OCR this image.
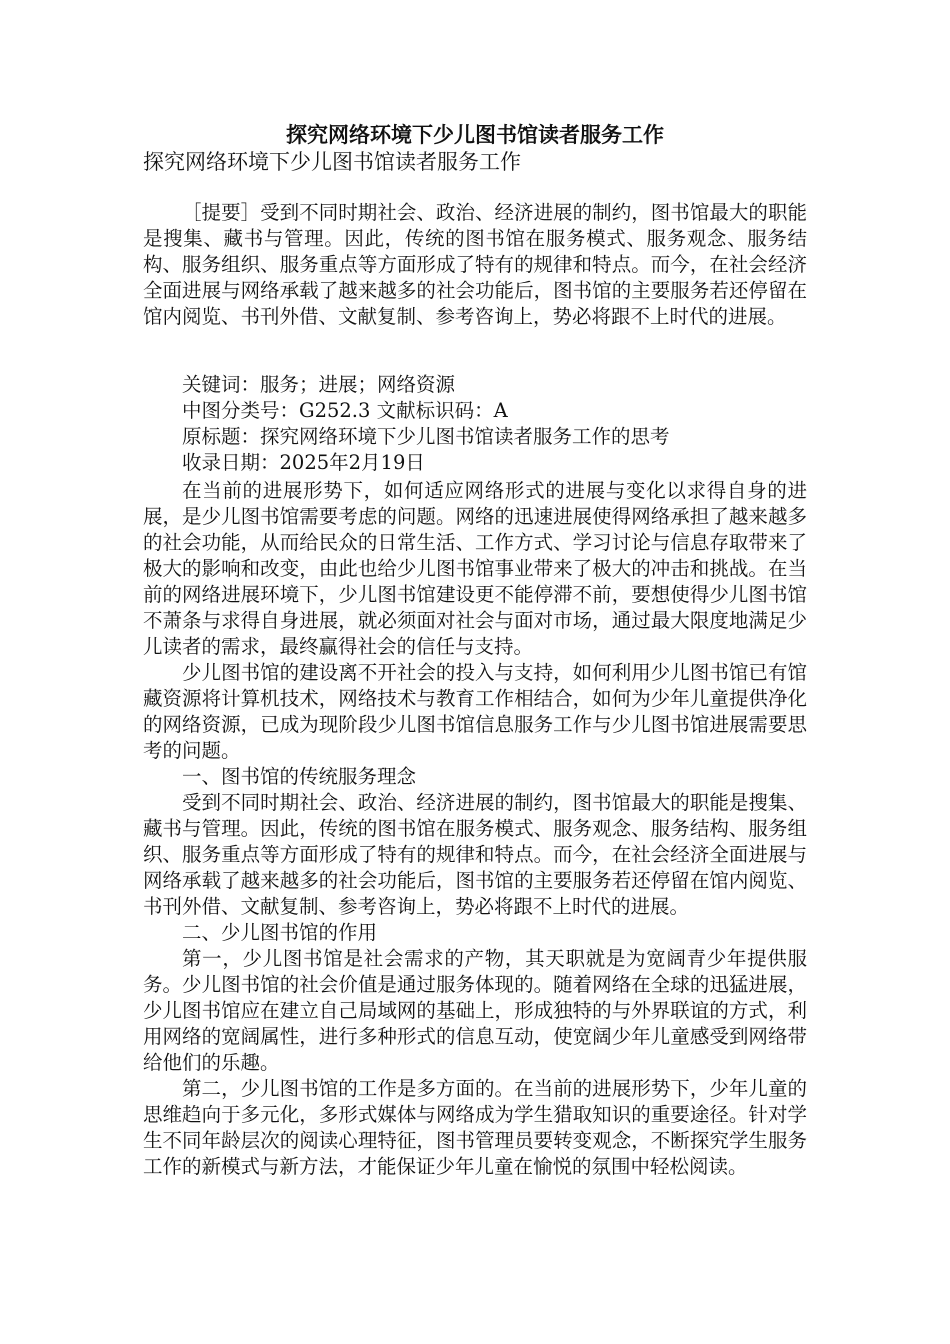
探究网络环境下少儿图书馆读者服务工作
探究网络环境下少儿图书馆读者服务工作

［提要］受到不同时期社会、政治、经济进展的制约，图书馆最大的职能是搜集、藏书与管理。因此，传统的图书馆在服务模式、服务观念、服务结构、服务组织、服务重点等方面形成了特有的规律和特点。而今，在社会经济全面进展与网络承载了越来越多的社会功能后，图书馆的主要服务若还停留在馆内阅览、书刊外借、文献复制、参考咨询上，势必将跟不上时代的进展。

关键词：服务；进展；网络资源

中图分类号：G252.3 文献标识码：A

原标题：探究网络环境下少儿图书馆读者服务工作的思考

收录日期：2025年2月19日

在当前的进展形势下，如何适应网络形式的进展与变化以求得自身的进展，是少儿图书馆需要考虑的问题。网络的迅速进展使得网络承担了越来越多的社会功能，从而给民众的日常生活、工作方式、学习讨论与信息存取带来了极大的影响和改变，由此也给少儿图书馆事业带来了极大的冲击和挑战。在当前的网络进展环境下，少儿图书馆建设更不能停滞不前，要想使得少儿图书馆不萧条与求得自身进展，就必须面对社会与面对市场，通过最大限度地满足少儿读者的需求，最终赢得社会的信任与支持。

少儿图书馆的建设离不开社会的投入与支持，如何利用少儿图书馆已有馆藏资源将计算机技术，网络技术与教育工作相结合，如何为少年儿童提供净化的网络资源，已成为现阶段少儿图书馆信息服务工作与少儿图书馆进展需要思考的问题。

一、图书馆的传统服务理念

受到不同时期社会、政治、经济进展的制约，图书馆最大的职能是搜集、藏书与管理。因此，传统的图书馆在服务模式、服务观念、服务结构、服务组织、服务重点等方面形成了特有的规律和特点。而今，在社会经济全面进展与网络承载了越来越多的社会功能后，图书馆的主要服务若还停留在馆内阅览、书刊外借、文献复制、参考咨询上，势必将跟不上时代的进展。

二、少儿图书馆的作用

第一，少儿图书馆是社会需求的产物，其天职就是为宽阔青少年提供服务。少儿图书馆的社会价值是通过服务体现的。随着网络在全球的迅猛进展，少儿图书馆应在建立自己局域网的基础上，形成独特的与外界联谊的方式，利用网络的宽阔属性，进行多种形式的信息互动，使宽阔少年儿童感受到网络带给他们的乐趣。

第二，少儿图书馆的工作是多方面的。在当前的进展形势下，少年儿童的思维趋向于多元化，多形式媒体与网络成为学生猎取知识的重要途径。针对学生不同年龄层次的阅读心理特征，图书管理员要转变观念，不断探究学生服务工作的新模式与新方法，才能保证少年儿童在愉悦的氛围中轻松阅读。
